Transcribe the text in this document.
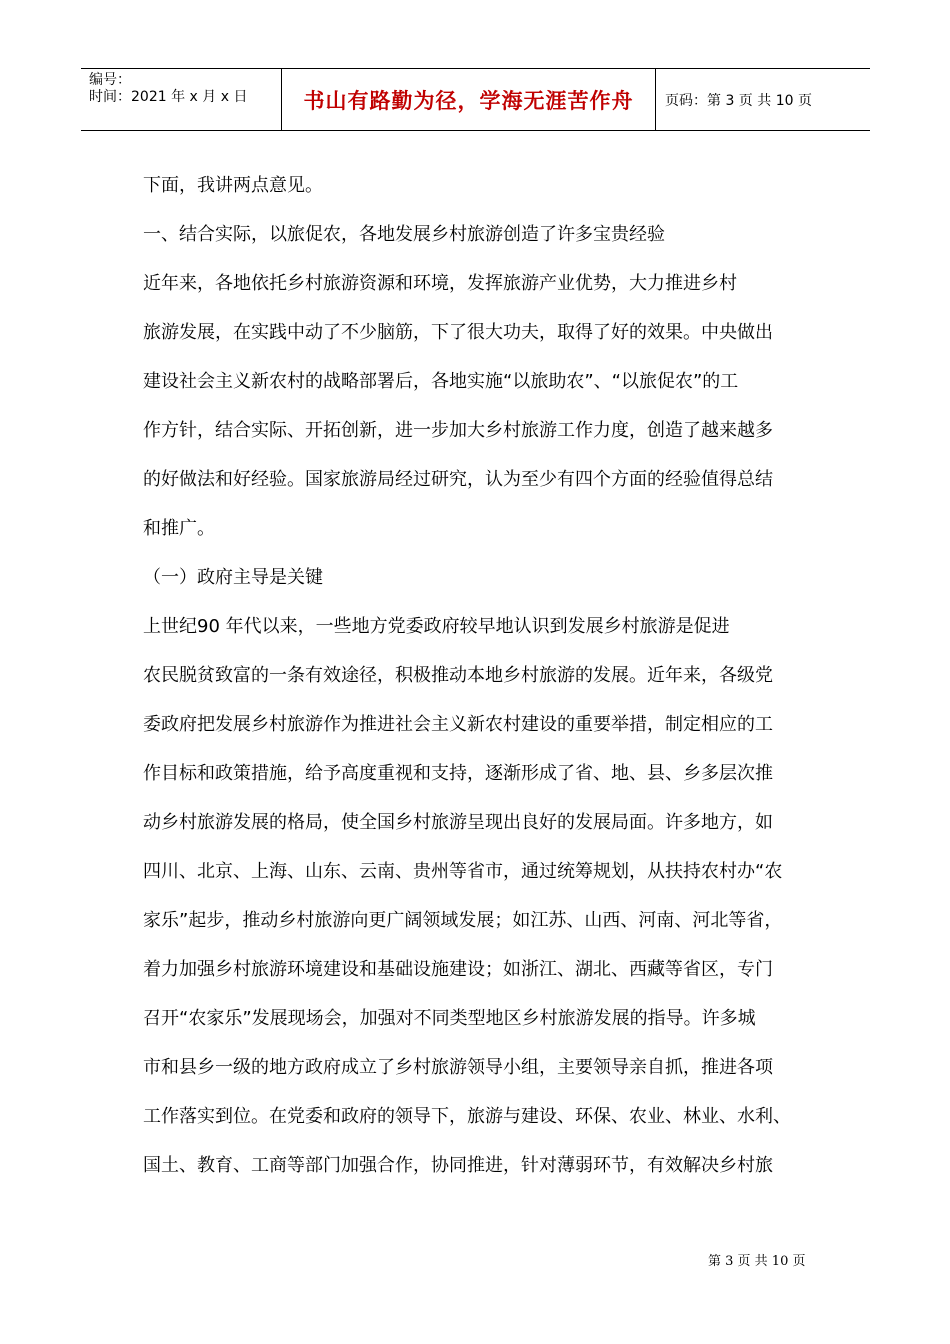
编号：
时间：2021 年 x 月 x 日	书山有路勤为径，学海无涯苦作舟 页码：第 3 页 共 10 页
下面，我讲两点意见。
一、结合实际，以旅促农，各地发展乡村旅游创造了许多宝贵经验
近年来，各地依托乡村旅游资源和环境，发挥旅游产业优势，大力推进乡村
旅游发展，在实践中动了不少脑筋，下了很大功夫，取得了好的效果。中央做出
建设社会主义新农村的战略部署后，各地实施“以旅助农”、“以旅促农”的工
作方针，结合实际、开拓创新，进一步加大乡村旅游工作力度，创造了越来越多
的好做法和好经验。国家旅游局经过研究，认为至少有四个方面的经验值得总结
和推广。
（一）政府主导是关键
上世纪90 年代以来，一些地方党委政府较早地认识到发展乡村旅游是促进
农民脱贫致富的一条有效途径，积极推动本地乡村旅游的发展。近年来，各级党
委政府把发展乡村旅游作为推进社会主义新农村建设的重要举措，制定相应的工
作目标和政策措施，给予高度重视和支持，逐渐形成了省、地、县、乡多层次推
动乡村旅游发展的格局，使全国乡村旅游呈现出良好的发展局面。许多地方，如
四川、北京、上海、山东、云南、贵州等省市，通过统筹规划，从扶持农村办“农
家乐”起步，推动乡村旅游向更广阔领域发展；如江苏、山西、河南、河北等省，
着力加强乡村旅游环境建设和基础设施建设；如浙江、湖北、西藏等省区，专门
召开“农家乐”发展现场会，加强对不同类型地区乡村旅游发展的指导。许多城
市和县乡一级的地方政府成立了乡村旅游领导小组，主要领导亲自抓，推进各项
工作落实到位。在党委和政府的领导下，旅游与建设、环保、农业、林业、水利、
国土、教育、工商等部门加强合作，协同推进，针对薄弱环节，有效解决乡村旅
第 3 页 共 10 页
